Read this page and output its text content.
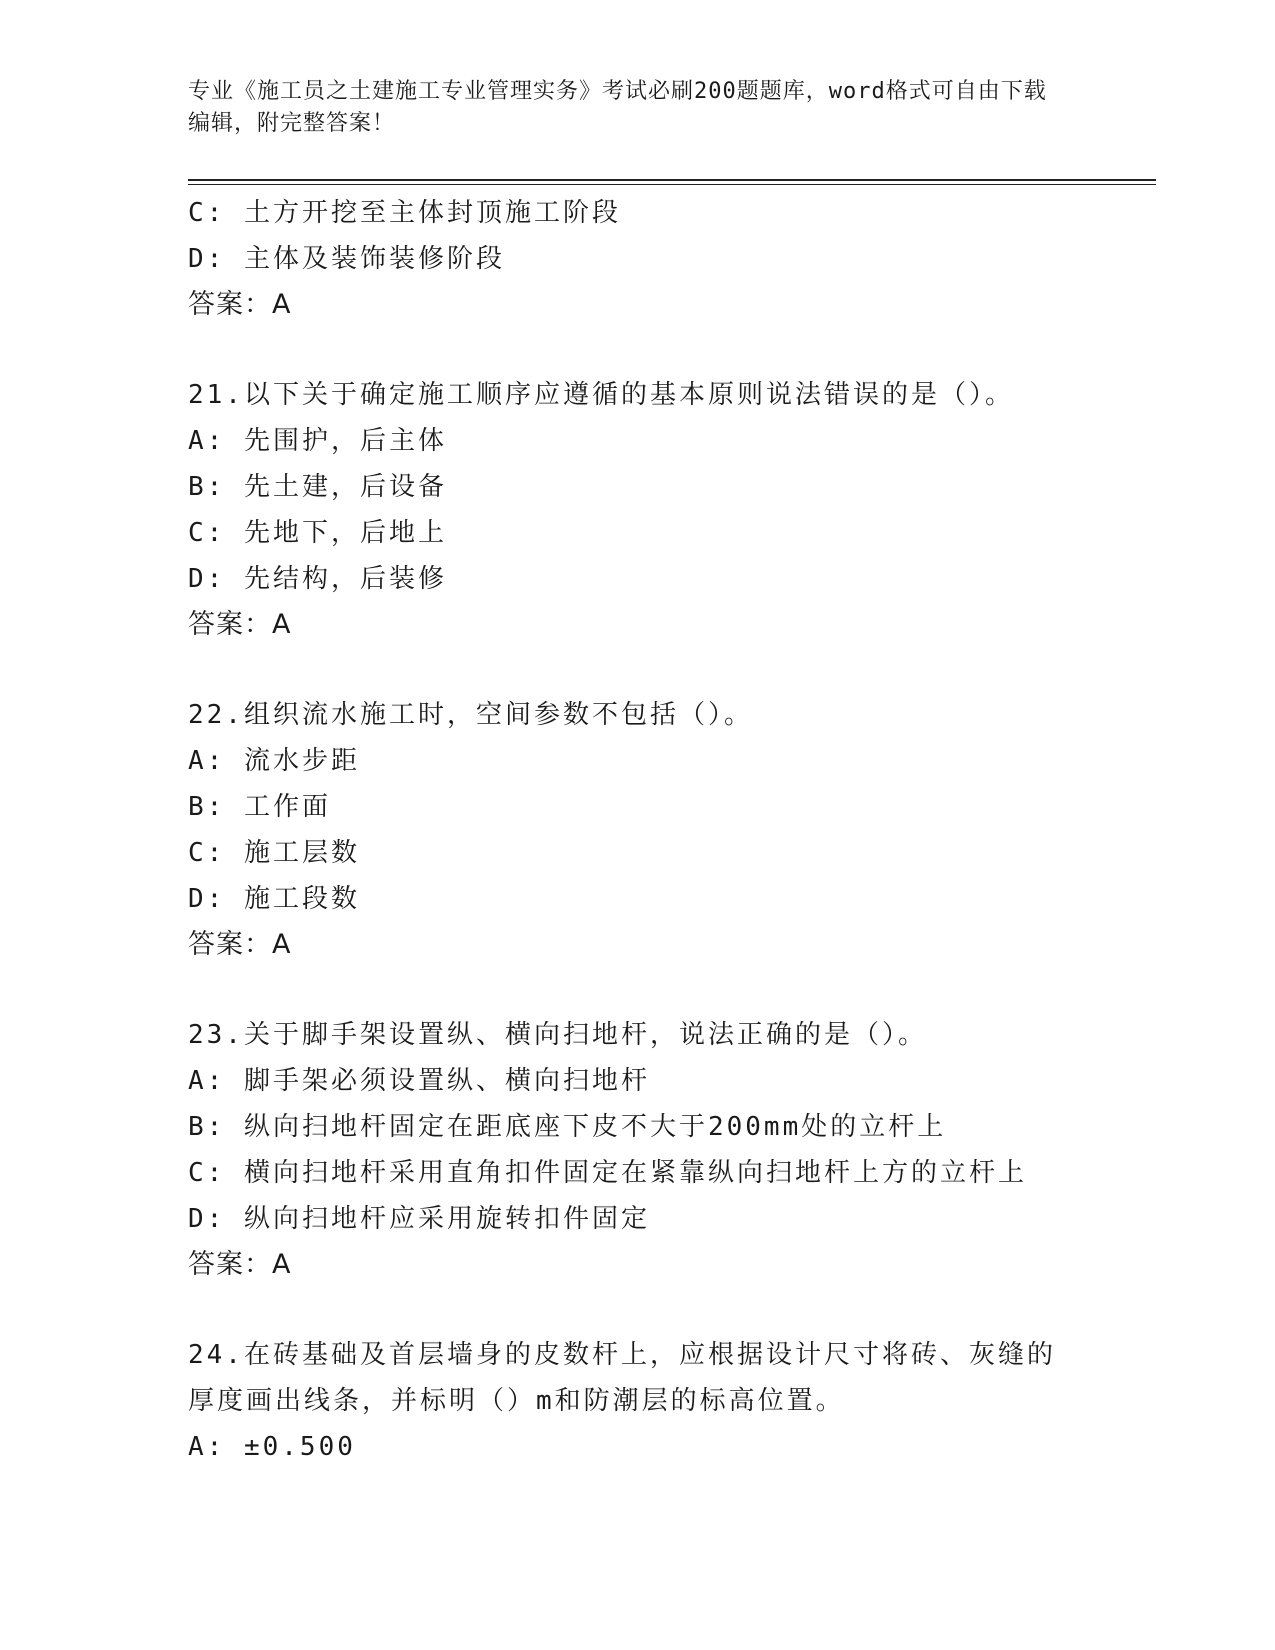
专业《施工员之土建施工专业管理实务》考试必刷200题题库，word格式可自由下载编辑，附完整答案！
C: 土方开挖至主体封顶施工阶段
D: 主体及装饰装修阶段
答案：A
21.以下关于确定施工顺序应遵循的基本原则说法错误的是（）。
A: 先围护，后主体
B: 先土建，后设备
C: 先地下，后地上
D: 先结构，后装修
答案：A
22.组织流水施工时，空间参数不包括（）。
A: 流水步距
B: 工作面
C: 施工层数
D: 施工段数
答案：A
23.关于脚手架设置纵、横向扫地杆，说法正确的是（）。
A: 脚手架必须设置纵、横向扫地杆
B: 纵向扫地杆固定在距底座下皮不大于200mm处的立杆上
C: 横向扫地杆采用直角扣件固定在紧靠纵向扫地杆上方的立杆上
D: 纵向扫地杆应采用旋转扣件固定
答案：A
24.在砖基础及首层墙身的皮数杆上，应根据设计尺寸将砖、灰缝的厚度画出线条，并标明（）m和防潮层的标高位置。
A: ±0.500
